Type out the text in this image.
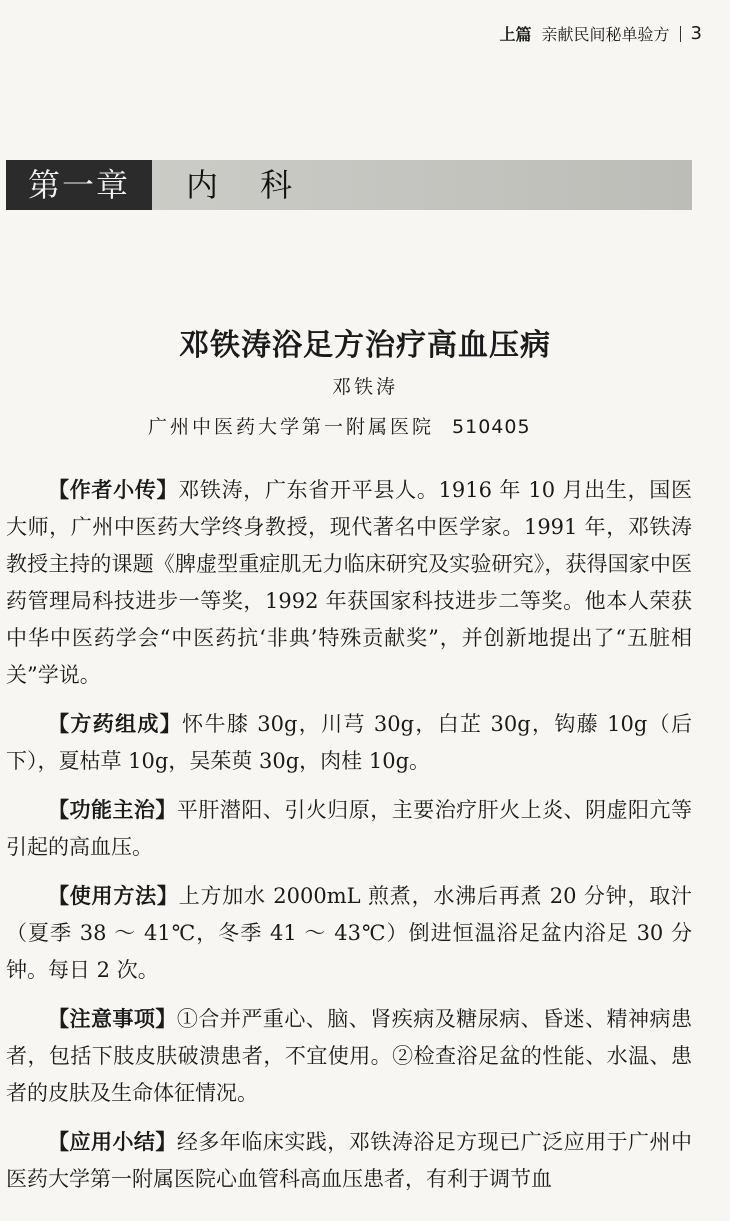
上篇 亲献民间秘单验方 3
第一章	内科
邓铁涛浴足方治疗高血压病
邓铁涛
广州中医药大学第一附属医院 510405

【作者小传】邓铁涛，广东省开平县人。1916 年 10 月出生，国医大师，广州中医药大学终身教授，现代著名中医学家。1991 年，邓铁涛教授主持的课题《脾虚型重症肌无力临床研究及实验研究》，获得国家中医药管理局科技进步一等奖，1992 年获国家科技进步二等奖。他本人荣获中华中医药学会“中医药抗‘非典’特殊贡献奖”，并创新地提出了“五脏相关”学说。

【方药组成】怀牛膝 30g，川芎 30g，白芷 30g，钩藤 10g（后下），夏枯草 10g，吴茱萸 30g，肉桂 10g。

【功能主治】平肝潜阳、引火归原，主要治疗肝火上炎、阴虚阳亢等引起的高血压。

【使用方法】上方加水 2000mL 煎煮，水沸后再煮 20 分钟，取汁（夏季 38 ～ 41℃，冬季 41 ～ 43℃）倒进恒温浴足盆内浴足 30 分钟。每日 2 次。

【注意事项】①合并严重心、脑、肾疾病及糖尿病、昏迷、精神病患者，包括下肢皮肤破溃患者，不宜使用。②检查浴足盆的性能、水温、患者的皮肤及生命体征情况。

【应用小结】经多年临床实践，邓铁涛浴足方现已广泛应用于广州中医药大学第一附属医院心血管科高血压患者，有利于调节血
